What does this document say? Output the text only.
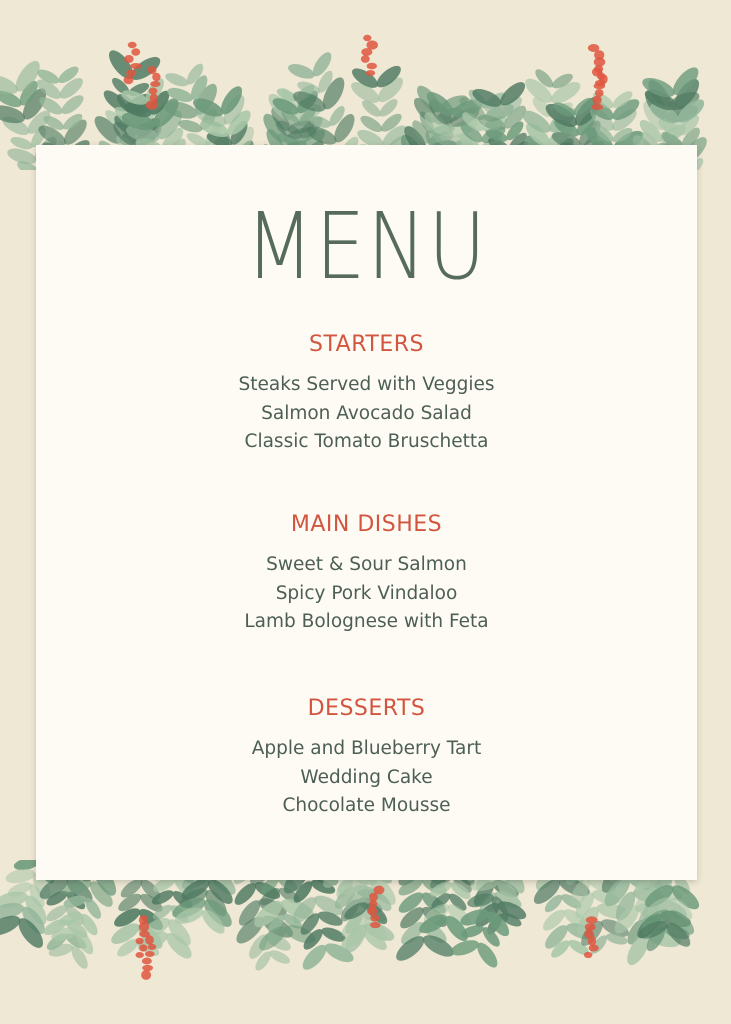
MENU
STARTERS
Steaks Served with Veggies
Salmon Avocado Salad
Classic Tomato Bruschetta
MAIN DISHES
Sweet & Sour Salmon
Spicy Pork Vindaloo
Lamb Bolognese with Feta
DESSERTS
Apple and Blueberry Tart
Wedding Cake
Chocolate Mousse
